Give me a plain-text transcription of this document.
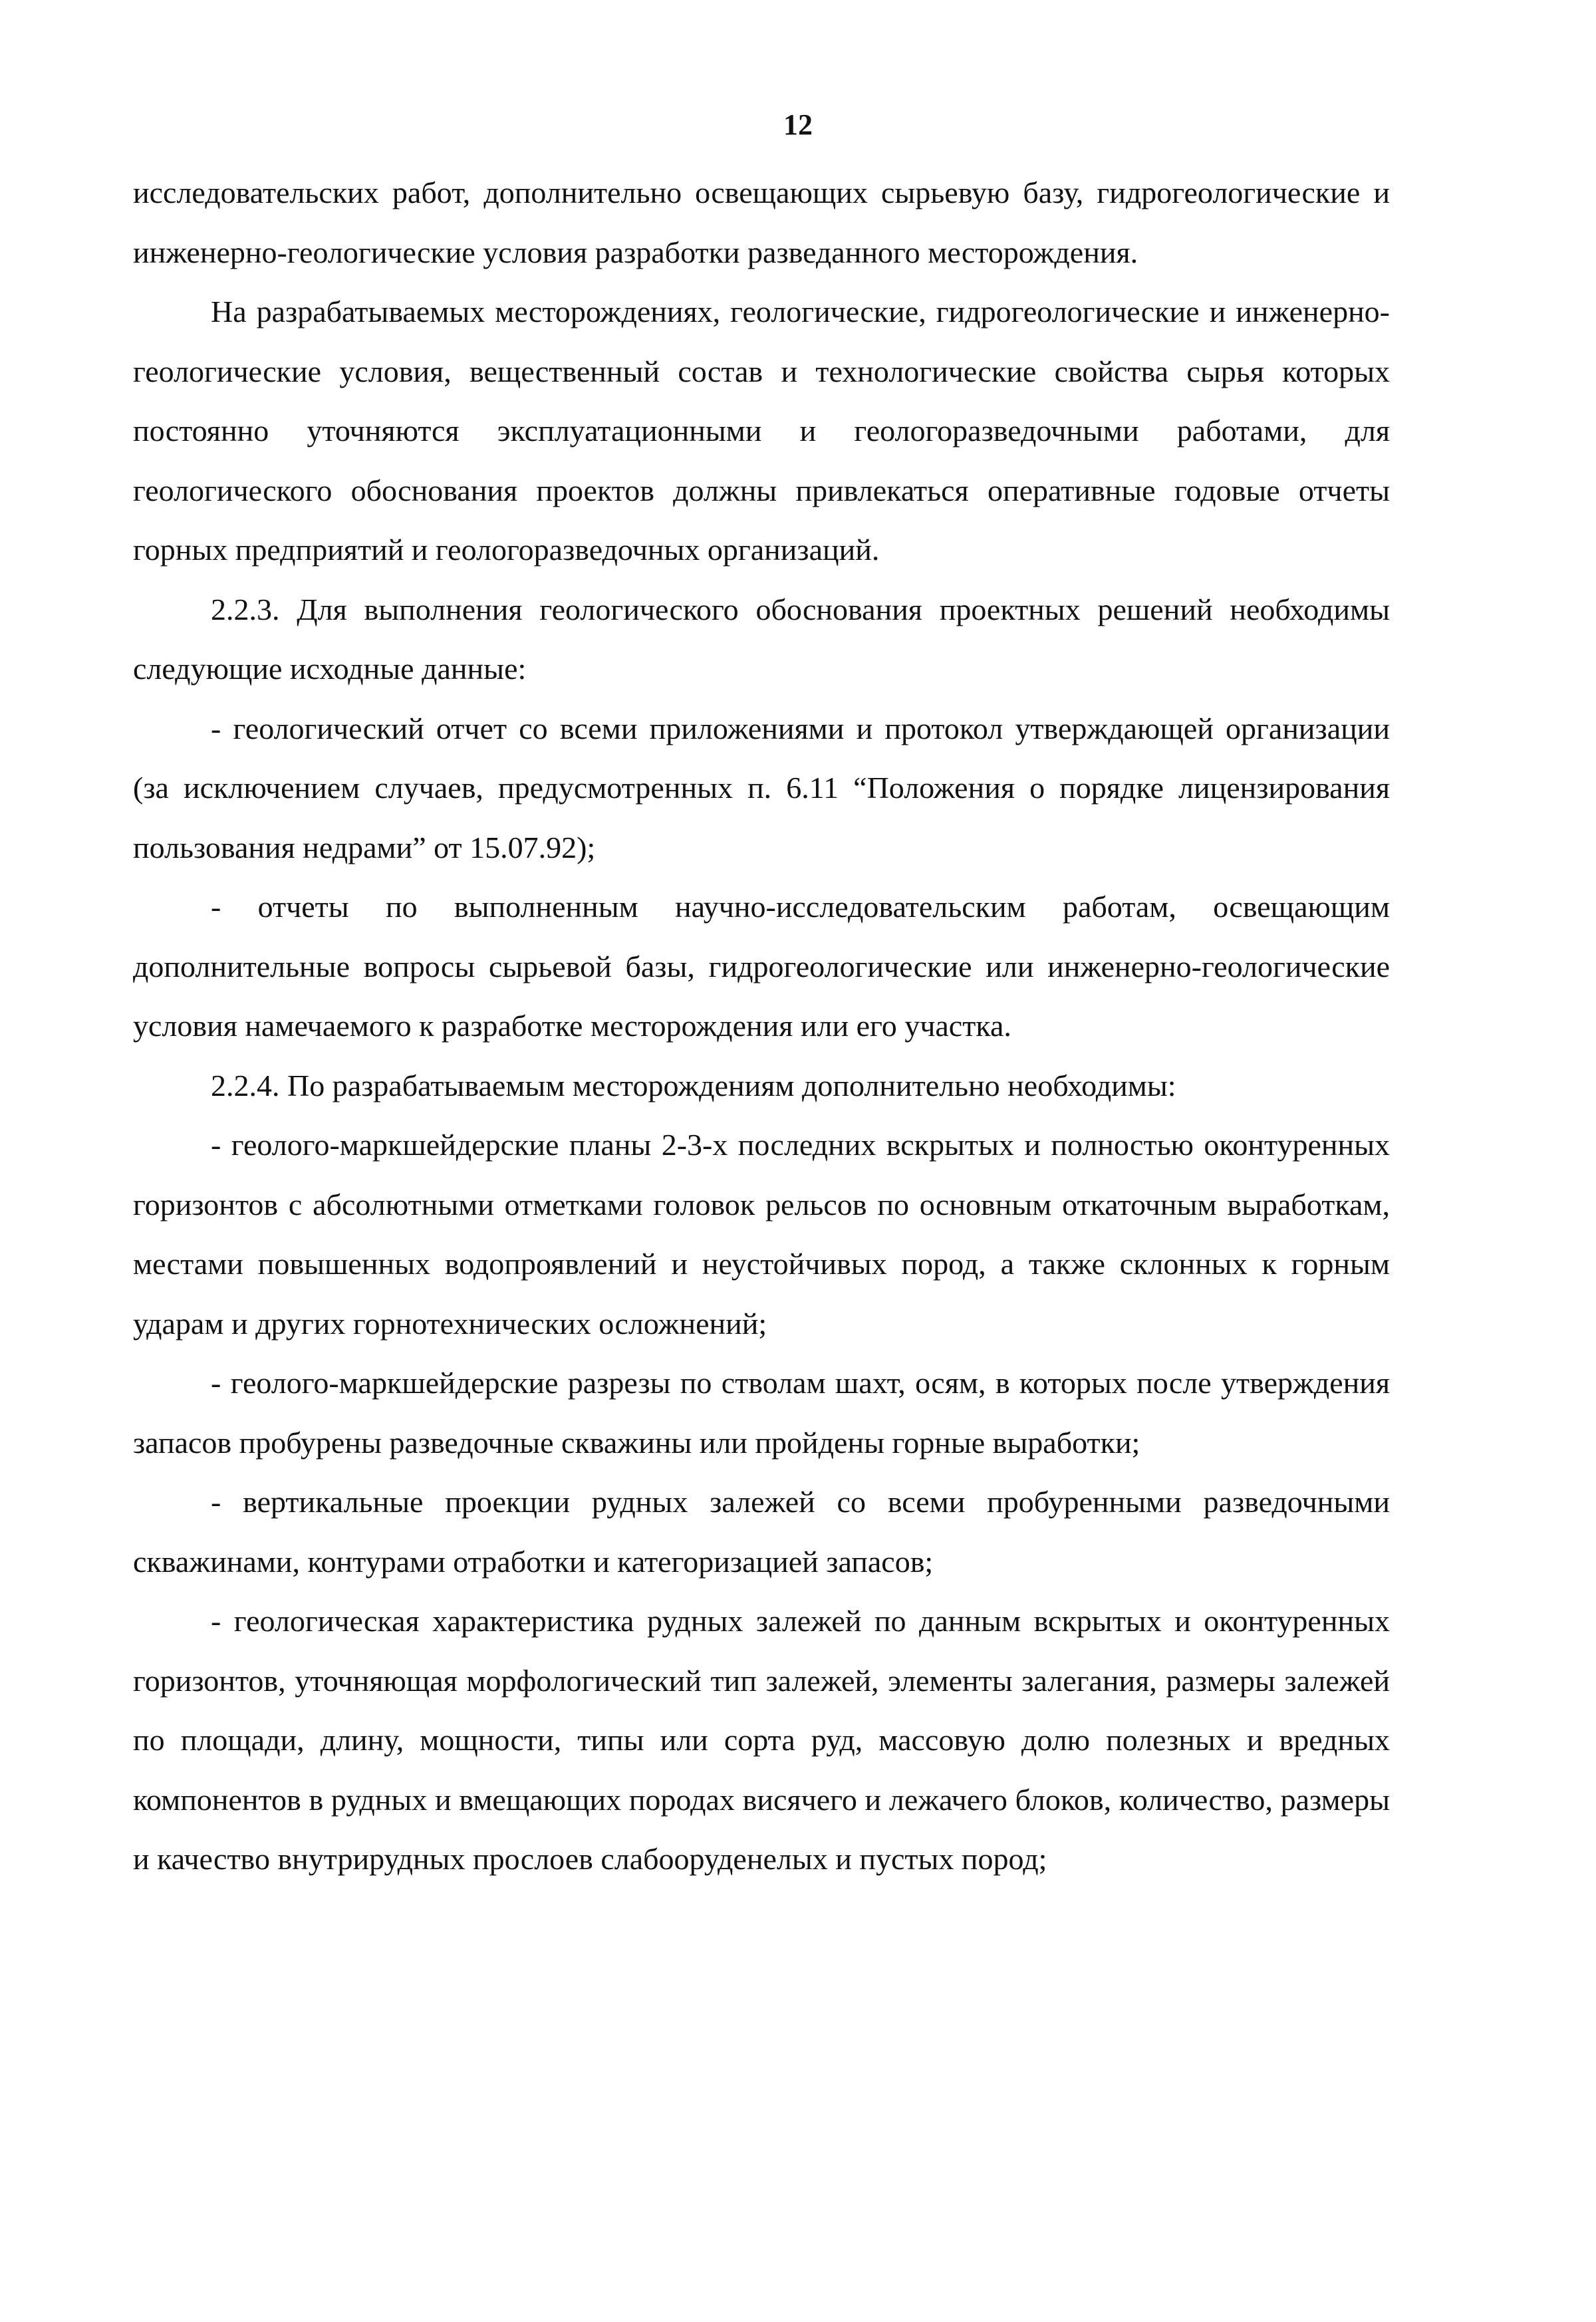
12

исследовательских работ, дополнительно освещающих сырьевую базу, гидрогеологические и инженерно-геологические условия разработки разведанного месторождения.

На разрабатываемых месторождениях, геологические, гидрогеологические и инженерно-геологические условия, вещественный состав и технологические свойства сырья которых постоянно уточняются эксплуатационными и геологоразведочными работами, для геологического обоснования проектов должны привлекаться оперативные годовые отчеты горных предприятий и геологоразведочных организаций.

2.2.3. Для выполнения геологического обоснования проектных решений необходимы следующие исходные данные:

- геологический отчет со всеми приложениями и протокол утверждающей организации (за исключением случаев, предусмотренных п. 6.11 “Положения о порядке лицензирования пользования недрами” от 15.07.92);

- отчеты по выполненным научно-исследовательским работам, освещающим дополнительные вопросы сырьевой базы, гидрогеологические или инженерно-геологические условия намечаемого к разработке месторождения или его участка.

2.2.4. По разрабатываемым месторождениям дополнительно необходимы:

- геолого-маркшейдерские планы 2-3-х последних вскрытых и полностью оконтуренных горизонтов с абсолютными отметками головок рельсов по основным откаточным выработкам, местами повышенных водопроявлений и неустойчивых пород, а также склонных к горным ударам и других горнотехнических осложнений;

- геолого-маркшейдерские разрезы по стволам шахт, осям, в которых после утверждения запасов пробурены разведочные скважины или пройдены горные выработки;

- вертикальные проекции рудных залежей со всеми пробуренными разведочными скважинами, контурами отработки и категоризацией запасов;

- геологическая характеристика рудных залежей по данным вскрытых и оконтуренных горизонтов, уточняющая морфологический тип залежей, элементы залегания, размеры залежей по площади, длину, мощности, типы или сорта руд, массовую долю полезных и вредных компонентов в рудных и вмещающих породах висячего и лежачего блоков, количество, размеры и качество внутрирудных прослоев слабооруденелых и пустых пород;
